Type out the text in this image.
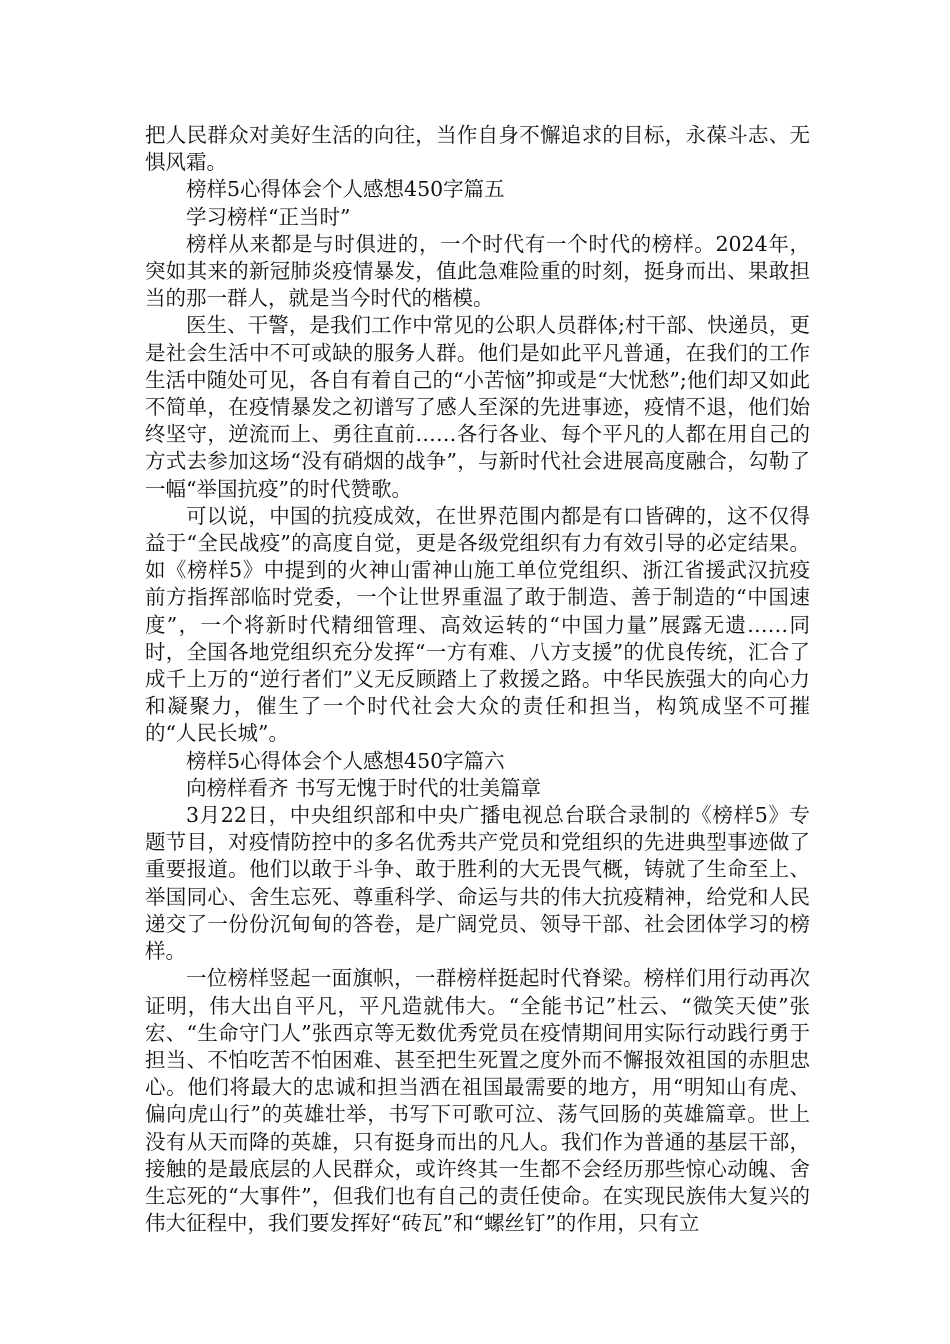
把人民群众对美好生活的向往，当作自身不懈追求的目标，永葆斗志、无惧风霜。

榜样5心得体会个人感想450字篇五

学习榜样“正当时”

榜样从来都是与时俱进的，一个时代有一个时代的榜样。2024年，突如其来的新冠肺炎疫情暴发，值此急难险重的时刻，挺身而出、果敢担当的那一群人，就是当今时代的楷模。

医生、干警，是我们工作中常见的公职人员群体;村干部、快递员，更是社会生活中不可或缺的服务人群。他们是如此平凡普通，在我们的工作生活中随处可见，各自有着自己的“小苦恼”抑或是“大忧愁”;他们却又如此不简单，在疫情暴发之初谱写了感人至深的先进事迹，疫情不退，他们始终坚守，逆流而上、勇往直前……各行各业、每个平凡的人都在用自己的方式去参加这场“没有硝烟的战争”，与新时代社会进展高度融合，勾勒了一幅“举国抗疫”的时代赞歌。

可以说，中国的抗疫成效，在世界范围内都是有口皆碑的，这不仅得益于“全民战疫”的高度自觉，更是各级党组织有力有效引导的必定结果。如《榜样5》中提到的火神山雷神山施工单位党组织、浙江省援武汉抗疫前方指挥部临时党委，一个让世界重温了敢于制造、善于制造的“中国速度”，一个将新时代精细管理、高效运转的“中国力量”展露无遗……同时，全国各地党组织充分发挥“一方有难、八方支援”的优良传统，汇合了成千上万的“逆行者们”义无反顾踏上了救援之路。中华民族强大的向心力和凝聚力，催生了一个时代社会大众的责任和担当，构筑成坚不可摧的“人民长城”。

榜样5心得体会个人感想450字篇六

向榜样看齐 书写无愧于时代的壮美篇章

3月22日，中央组织部和中央广播电视总台联合录制的《榜样5》专题节目，对疫情防控中的多名优秀共产党员和党组织的先进典型事迹做了重要报道。他们以敢于斗争、敢于胜利的大无畏气概，铸就了生命至上、举国同心、舍生忘死、尊重科学、命运与共的伟大抗疫精神，给党和人民递交了一份份沉甸甸的答卷，是广阔党员、领导干部、社会团体学习的榜样。

一位榜样竖起一面旗帜，一群榜样挺起时代脊梁。榜样们用行动再次证明，伟大出自平凡，平凡造就伟大。“全能书记”杜云、“微笑天使”张宏、“生命守门人”张西京等无数优秀党员在疫情期间用实际行动践行勇于担当、不怕吃苦不怕困难、甚至把生死置之度外而不懈报效祖国的赤胆忠心。他们将最大的忠诚和担当洒在祖国最需要的地方，用“明知山有虎、偏向虎山行”的英雄壮举，书写下可歌可泣、荡气回肠的英雄篇章。世上没有从天而降的英雄，只有挺身而出的凡人。我们作为普通的基层干部，接触的是最底层的人民群众，或许终其一生都不会经历那些惊心动魄、舍生忘死的“大事件”，但我们也有自己的责任使命。在实现民族伟大复兴的伟大征程中，我们要发挥好“砖瓦”和“螺丝钉”的作用，只有立
